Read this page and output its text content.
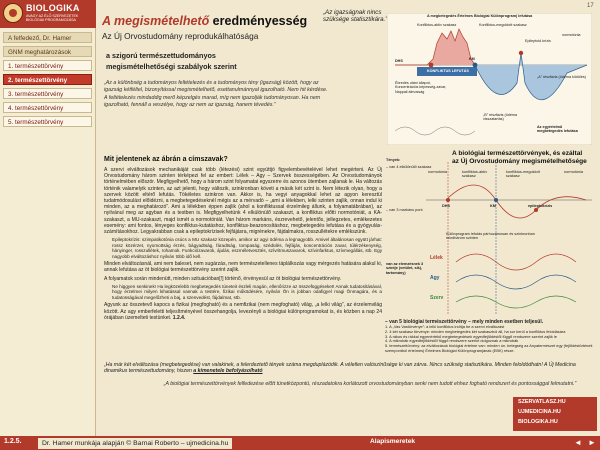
BIOLOGIKA
AVAGY AZ ÉLŐ SZERVEZETEK BIOLÓGIAI PROGRAMOZÁSA
A felfedező, Dr. Hamer
GNM meghatározások
1. természettörvény
2. természettörvény
3. természettörvény
4. természettörvény
5. természettörvény
A megismételhető eredményesség
Az Új Orvostudomány reprodukálhatósága
a szigorú természettudományos
megismételhetőségi szabályok szerint
„Az a különbség a tudományos feltételezés és a tudományos tény (igazság) között, hogy az igazság kétféltel, bizonyítással megismételhető, esettanulmánnyal igazolható. Nem hit kérdése. A feltételezés mindaddig merő képzelgés marad, míg nem igazolják tudományosan. Ha nem igazolható, fennáll a veszélye, hogy az nem az igazság, hanem tévedés.”
„Az igazságnak nincs szüksége statisztikára.”
17
A megbetegedés Értelmes Biológiai Különprogram) lefutása
Konfliktus-aktív szakasz	Konfliktus-megoldott szakasz
KONFLIKTUS LEFUTÁS
DHS	KM
Epileptoid krízis
normotónia
„A” részfázis (ödéma kiürülés)
„B” részfázis (ödéma visszatartás)
Ébredés utáni állapot, Koncentrációs képesség-zavar, Nappali álmosság
Az egyértelmű megbetegedés lefutása
Mit jelentenek az ábrán a címszavak?

A szervi elváltozások mechanikáját csak több (létezési) szint együttjó figyelembevételével lehet megérteni. Az Új Orvostudomány három szinten térképezi fel az embert: Lélek – Agy – Szervek összességében. Az Orvostudományok történelmében először. Megfigyelhető, hogy a három szint folyamatai egyszerre és azonos ütemben zajlanak le. Ha változás történik valamelyik szinten, az azt jelenti, hogy változik, szinkronban követi a másik két szint is. Nem létezik olyan, hogy a szervek között eltérő lefutás. Tökéletes szinkron van. Akkor is, ha vegyi anyagokkal lehet az agyon keresztül tudatmódosulást előidézni, a megbetegedéseknél mégis az a mérvadó – „ami a lélekben, lelki szinten zajlik, onnan indul ki minden, az a meghatározó”. Ami a lélekben éppen zajlik (ahol a konfliktussal érzelmileg állunk, a folyamatábrában), az nyilvánul meg az agyban és a testben is. Megfigyelhetünk 4 elkülönülő szakaszt, a konfliktus előtti normotóniát, a KA-szakaszt, a MU-szakaszt, majd ismét a normotóniát. Van három markáns, észrevehető, jelentős, jellegzetes, emlékezetes esemény: ami fontos, lényeges konfliktus-kutatáshoz, konfliktus-beazonosításhoz, megbetegedés lefutása és a gyógyulás-számításokhoz. Legyakrabban csak a epileptokrízisek fejfájásra, migrénekre, fájdalmakra, rosszullétekre emlékszünk.

Epileptokrízis: szimpatikotónia csúcs a MU szakasz közepén, amikor az agyi ödéma a legnagyobb. Amivel általánosan együtt járhat: rossz közérzet, nyomottság érzés, bágyadtság, fáradtság, tompaság, szédülés, fejfájás, koncentrációs zavar, túlérzékenység, hányinger, rosszullétek, rohamok. Funkciózavarok, ájulás, eszméletvesztés, szívritmuszavarok, szívinfarktus, szívmegállás, stb. Egy nagyobb elváltozáshoz nyilván több idő kell.

Minden elváltozásnál, ami nem baleset, nem sugárzás, nem természetellenes táplálkozás vagy mérgezés hatására alakul ki, annak lefutása az öt biológiai természettörvény szerint zajlik.

A folyamatok során mindenütt, minden szituációban[!] történő, érvényesül az öt biológiai természettörvény.

Ne higgyen senkinek! Ha legközelebb megbetegedés túneteit észleli magán, ellenőrizze az összefüggéseket! Annak tudatosításával, hogy érzelmei milyen kihatással vannak a testére, fizikai működésére, nyilván Ön is jobban odafigyel magi Önmagára, és a tudatosságával megelőzheti a baj, a szenvedést, fájdalmat, stb.

Agyunk az összetevő kapocs a fizikai (megfogható) és a nemfizikai (nem megfogható) világ, „a lelki világ”, az érzelemvilág között. Az agy emberfeletti teljesítményével összehangolja, levezényli a biológiai különprogramokat is, és közben a nap 24 órájában üzemelteti testünket. 1.2.4.

A biológiai természettörvények, és ezáltal
az Új Orvostudomány megismételhetősége
Tények:
– van 4 elkülönülő szakasz
normotónia	konfliktus-aktív szakasz
konfliktus-megoldott szakasz
normotónia
– van 3 markáns pont
DHS	KM	epileptokrízis
Különprogram lefutás párhuzamosan és szinkronban mindhárom szinten
van az elemzésnek 3 szintje (vetület, sík), tartomány)
Lélek
Agy
Szerv
– van 5 biológiai természettörvény – mely minden esetben teljesül.
1. A „Vas Vastörvénye”: a lelki konfliktus indítja be a szervi elváltozást
2. 4 két szakasz törvénye: minden megbetegedés két szakaszból áll, ha sor kerül a konfliktus feloldására
3. A rákos és rákkal egyenértékű megbetegedések egyedfejlődéstől függő rendszere szerint zajlik le
4. A mikrobák egyedfejlődéstől függő rendszere szerint dolgoznak a mikrobák
5. természettörvény: az elváltozások biológiai értelme van: minden ún. betegség az Anyatermészet egy (fejlődéstörténeti szempontból értelmes) Értelmes Biológiai Különprogramjának (EBK) része.
„Ha már két elváltozása (megbetegedése) van valakinek, a felerdeztető tények száma megduplázódik. A véletlen valószínűsége ki van zárva. Nincs szükség statisztikára. Minden feloldódhatn! A Új Medicina dinamikus természettudomány, hiszen a kimenetele befolyásolható
„A biológiai természettörvények felfedezése előtt tünetközpontú, részadatokra korlátozott orvostudományban senki nem tudott ehhez fogható rendszert és pontossággal felmutatni.”
SZERVATLASZ.HU
UJMEDICINA.HU
BIOLOGIKA.HU
1.2.5.	Dr. Hamer munkája alapján © Barnai Roberto – ujmedicina.hu	Alapismeretek	◄ ►
